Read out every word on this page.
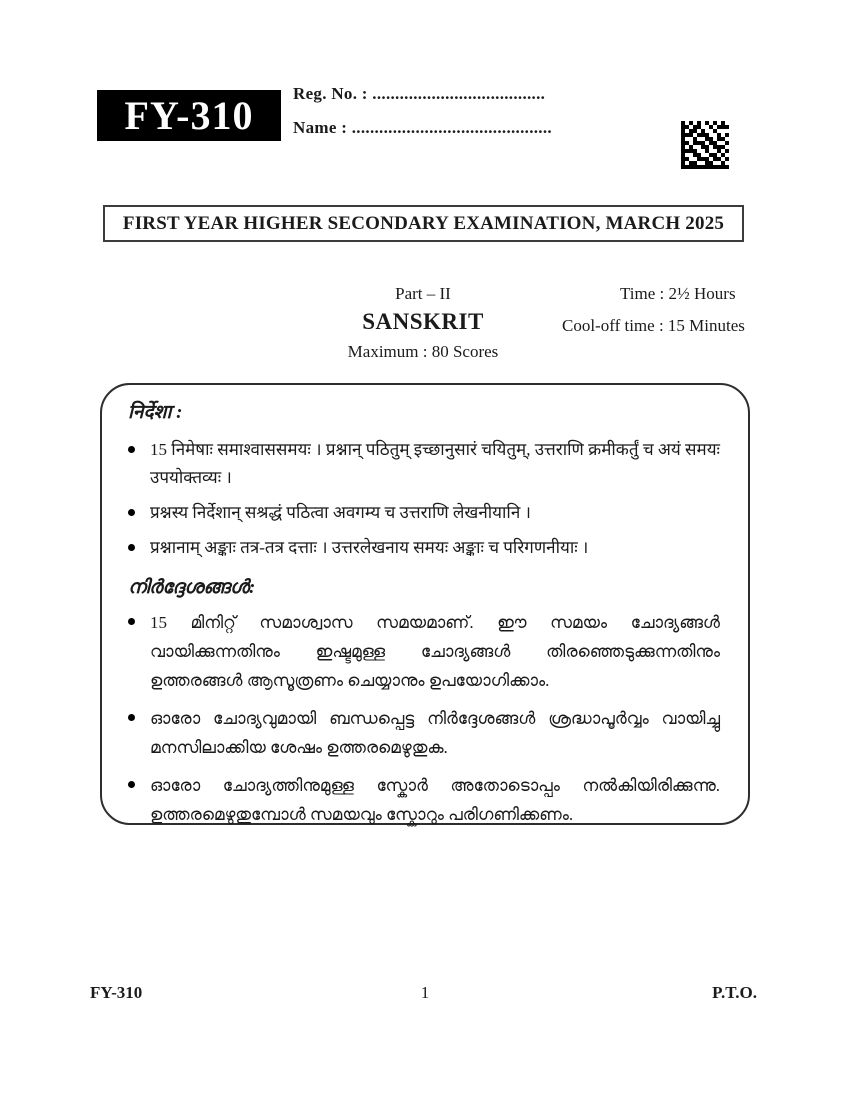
FY-310 Reg. No. : ......................................
Name : ............................................
FIRST YEAR HIGHER SECONDARY EXAMINATION, MARCH 2025
Part – II
SANSKRIT
Maximum : 80 Scores
Time : 2½ Hours
Cool-off time : 15 Minutes
निर्देशा :
15 निमेषाः समाश्वाससमयः । प्रश्नान् पठितुम् इच्छानुसारं चयितुम्, उत्तराणि क्रमीकर्तुं च अयं समयः उपयोक्तव्यः ।
प्रश्नस्य निर्देशान् सश्रद्धं पठित्वा अवगम्य च उत्तराणि लेखनीयानि ।
प्रश्नानाम् अङ्काः तत्र-तत्र दत्ताः । उत्तरलेखनाय समयः अङ्काः च परिगणनीयाः ।
നിർദ്ദേശങ്ങൾ:
15 മിനിറ്റ് സമാശ്വാസ സമയമാണ്. ഈ സമയം ചോദ്യങ്ങൾ വായിക്കുന്നതിനും ഇഷ്ടമുള്ള ചോദ്യങ്ങൾ തിരഞ്ഞെടുക്കുന്നതിനും ഉത്തരങ്ങൾ ആസൂത്രണം ചെയ്യാനും ഉപയോഗിക്കാം.
ഓരോ ചോദ്യവുമായി ബന്ധപ്പെട്ട നിർദ്ദേശങ്ങൾ ശ്രദ്ധാപൂർവ്വം വായിച്ചു മനസിലാക്കിയ ശേഷം ഉത്തരമെഴുതുക.
ഓരോ ചോദ്യത്തിനുമുള്ള സ്കോർ അതോടൊപ്പം നൽകിയിരിക്കുന്നു. ഉത്തരമെഴുതുമ്പോൾ സമയവും സ്കോറും പരിഗണിക്കണം.
FY-310	1	P.T.O.
